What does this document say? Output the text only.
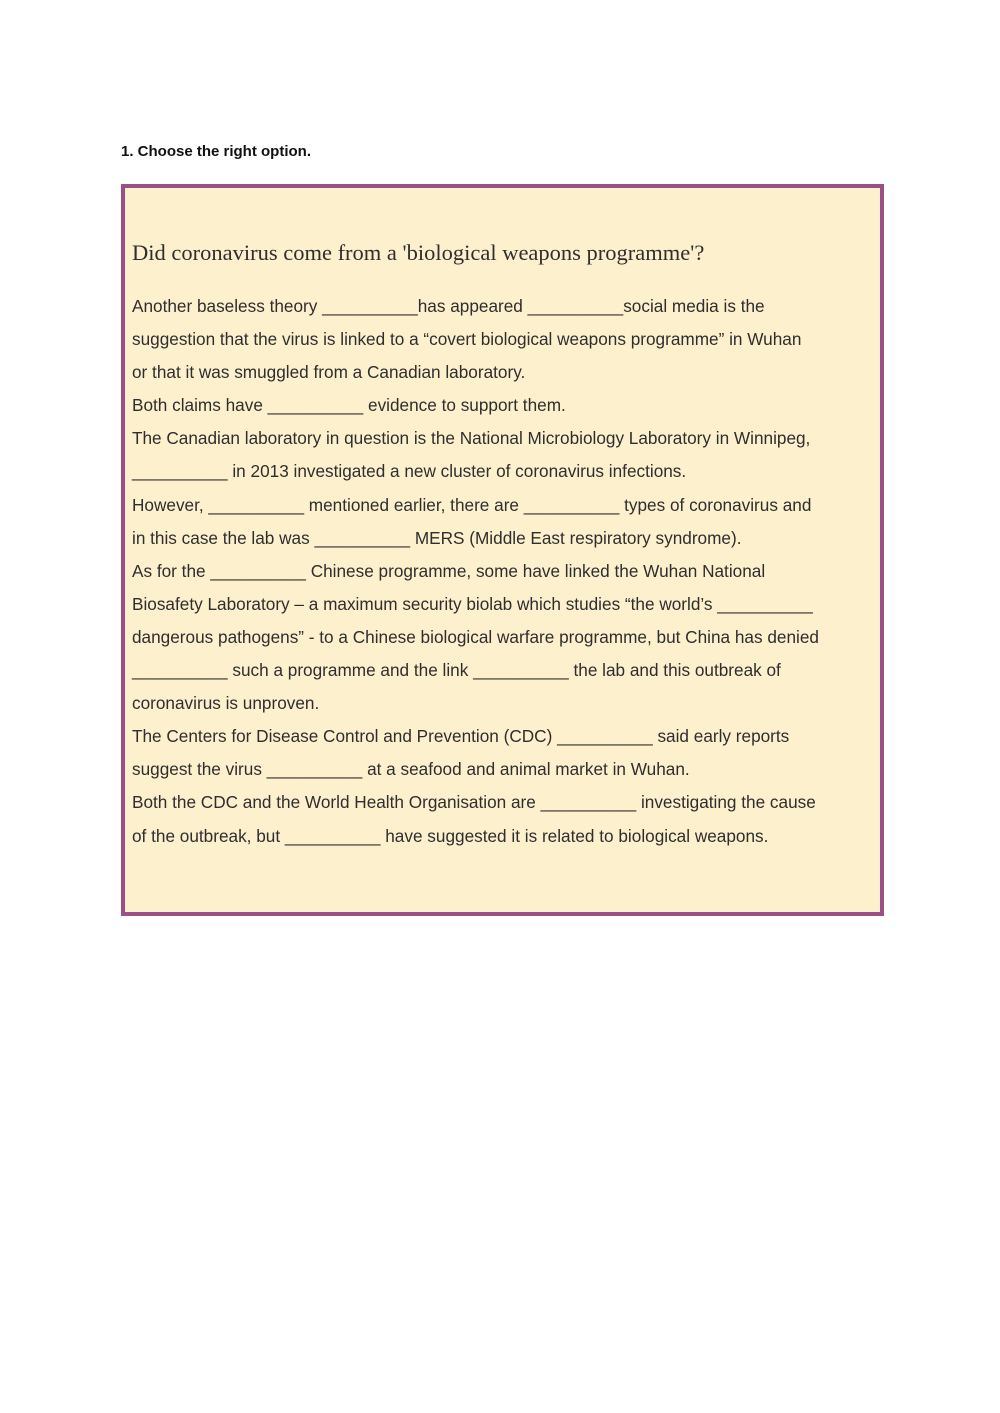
1. Choose the right option.
Did coronavirus come from a 'biological weapons programme'?
Another baseless theory __________has appeared __________social media is the
suggestion that the virus is linked to a “covert biological weapons programme” in Wuhan
or that it was smuggled from a Canadian laboratory.
Both claims have __________ evidence to support them.
The Canadian laboratory in question is the National Microbiology Laboratory in Winnipeg,
__________ in 2013 investigated a new cluster of coronavirus infections.
However, __________ mentioned earlier, there are __________ types of coronavirus and
in this case the lab was __________ MERS (Middle East respiratory syndrome).
As for the __________ Chinese programme, some have linked the Wuhan National
Biosafety Laboratory – a maximum security biolab which studies “the world’s __________
dangerous pathogens” - to a Chinese biological warfare programme, but China has denied
__________ such a programme and the link __________ the lab and this outbreak of
coronavirus is unproven.
The Centers for Disease Control and Prevention (CDC) __________ said early reports
suggest the virus __________ at a seafood and animal market in Wuhan.
Both the CDC and the World Health Organisation are __________ investigating the cause
of the outbreak, but __________ have suggested it is related to biological weapons.
